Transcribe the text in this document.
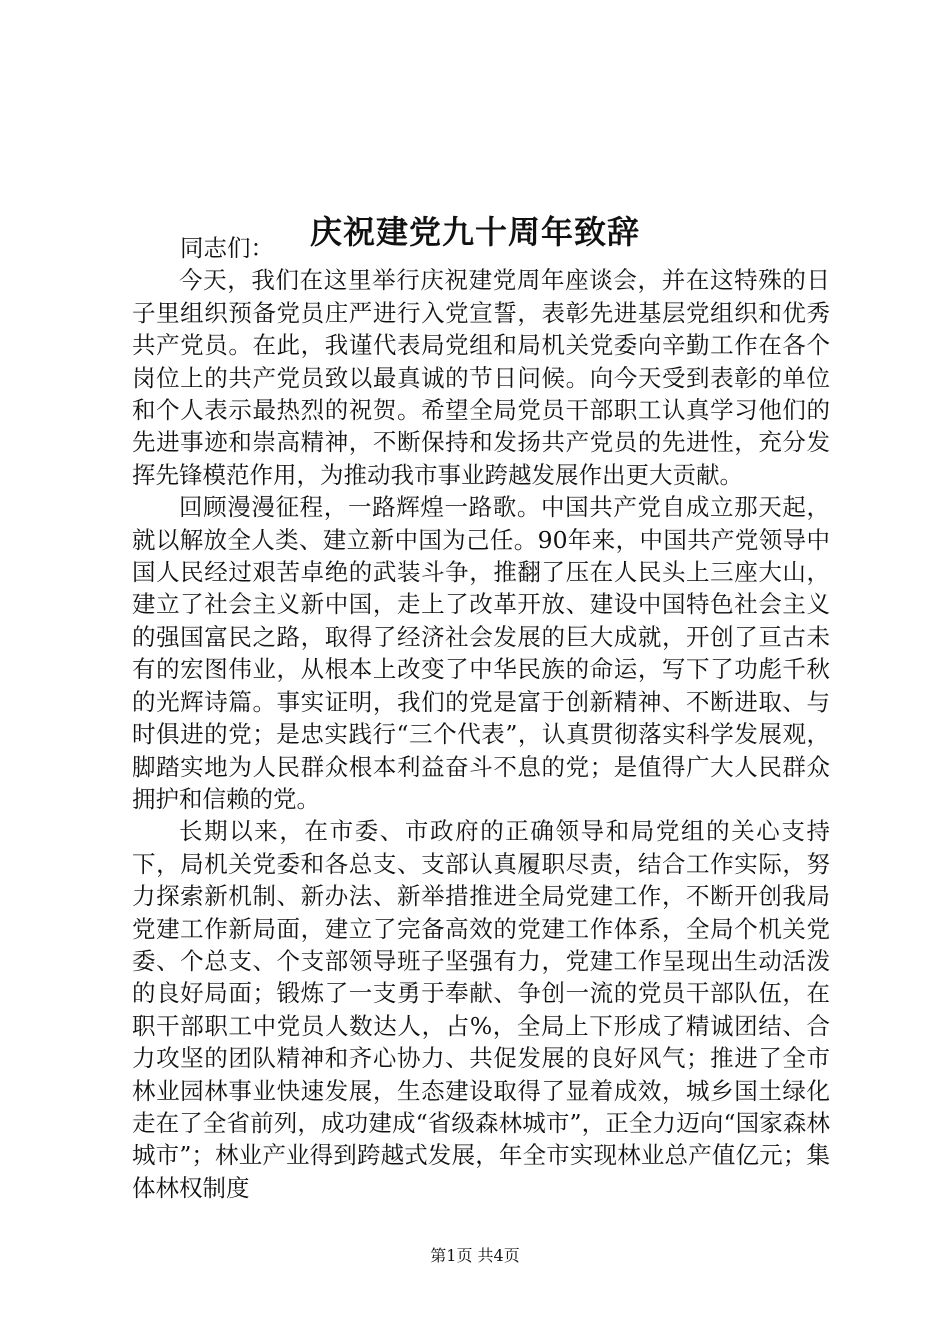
庆祝建党九十周年致辞

同志们：

今天，我们在这里举行庆祝建党周年座谈会，并在这特殊的日子里组织预备党员庄严进行入党宣誓，表彰先进基层党组织和优秀共产党员。在此，我谨代表局党组和局机关党委向辛勤工作在各个岗位上的共产党员致以最真诚的节日问候。向今天受到表彰的单位和个人表示最热烈的祝贺。希望全局党员干部职工认真学习他们的先进事迹和崇高精神，不断保持和发扬共产党员的先进性，充分发挥先锋模范作用，为推动我市事业跨越发展作出更大贡献。

回顾漫漫征程，一路辉煌一路歌。中国共产党自成立那天起，就以解放全人类、建立新中国为己任。90年来，中国共产党领导中国人民经过艰苦卓绝的武装斗争，推翻了压在人民头上三座大山，建立了社会主义新中国，走上了改革开放、建设中国特色社会主义的强国富民之路，取得了经济社会发展的巨大成就，开创了亘古未有的宏图伟业，从根本上改变了中华民族的命运，写下了功彪千秋的光辉诗篇。事实证明，我们的党是富于创新精神、不断进取、与时俱进的党；是忠实践行“三个代表”，认真贯彻落实科学发展观，脚踏实地为人民群众根本利益奋斗不息的党；是值得广大人民群众拥护和信赖的党。

长期以来，在市委、市政府的正确领导和局党组的关心支持下，局机关党委和各总支、支部认真履职尽责，结合工作实际，努力探索新机制、新办法、新举措推进全局党建工作，不断开创我局党建工作新局面，建立了完备高效的党建工作体系，全局个机关党委、个总支、个支部领导班子坚强有力，党建工作呈现出生动活泼的良好局面；锻炼了一支勇于奉献、争创一流的党员干部队伍，在职干部职工中党员人数达人，占%，全局上下形成了精诚团结、合力攻坚的团队精神和齐心协力、共促发展的良好风气；推进了全市林业园林事业快速发展，生态建设取得了显着成效，城乡国土绿化走在了全省前列，成功建成“省级森林城市”，正全力迈向“国家森林城市”；林业产业得到跨越式发展，年全市实现林业总产值亿元；集体林权制度

第1页 共4页
